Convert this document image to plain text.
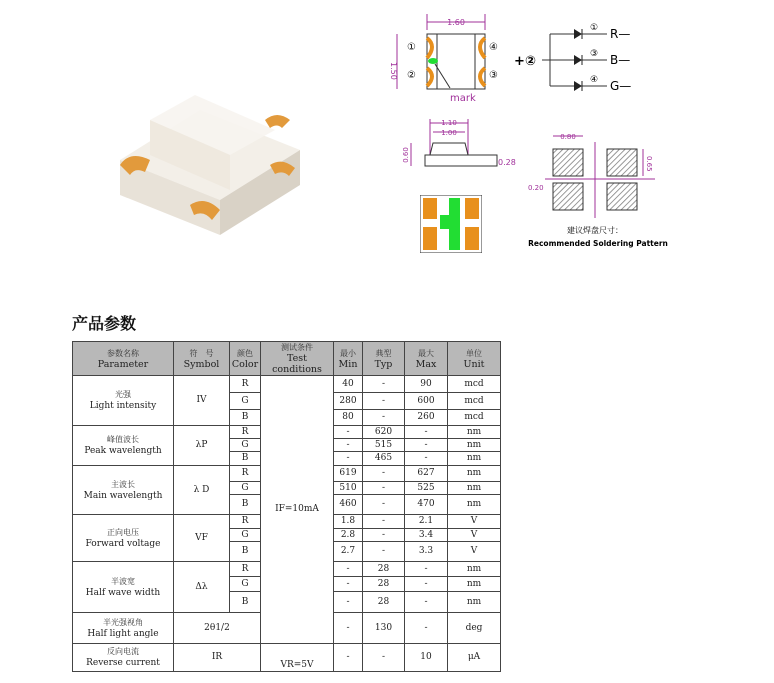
1.60
1.50
①
②
④
③
mark
+②
①
③
④
R—
B—
G—
1.10
1.00
0.60	0.28
0.80
0.65
0.20
建议焊盘尺寸：
Recommended Soldering Pattern
产品参数
参数名称
Parameter	符　号
Symbol	颜色
Color	测试条件
Test conditions	最小
Min	典型
Typ	最大
Max	单位
Unit
光强
Light intensity	IV	R	IF=10mA	40	-	90	mcd
		G		280	-	600	mcd
		B		80	-	260	mcd
峰值波长
Peak wavelength	λP	R		-	620	-	nm
		G		-	515	-	nm
		B		-	465	-	nm
主波长
Main wavelength	λ D	R		619	-	627	nm
		G		510	-	525	nm
		B		460	-	470	nm
正向电压
Forward voltage	VF	R		1.8	-	2.1	V
		G		2.8	-	3.4	V
		B		2.7	-	3.3	V
半波宽
Half wave width	Δλ	R		-	28	-	nm
		G		-	28	-	nm
		B		-	28	-	nm
半光强视角
Half light angle	2θ1/2			-	130	-	deg
反向电流
Reverse current	IR		VR=5V	-	-	10	μA
